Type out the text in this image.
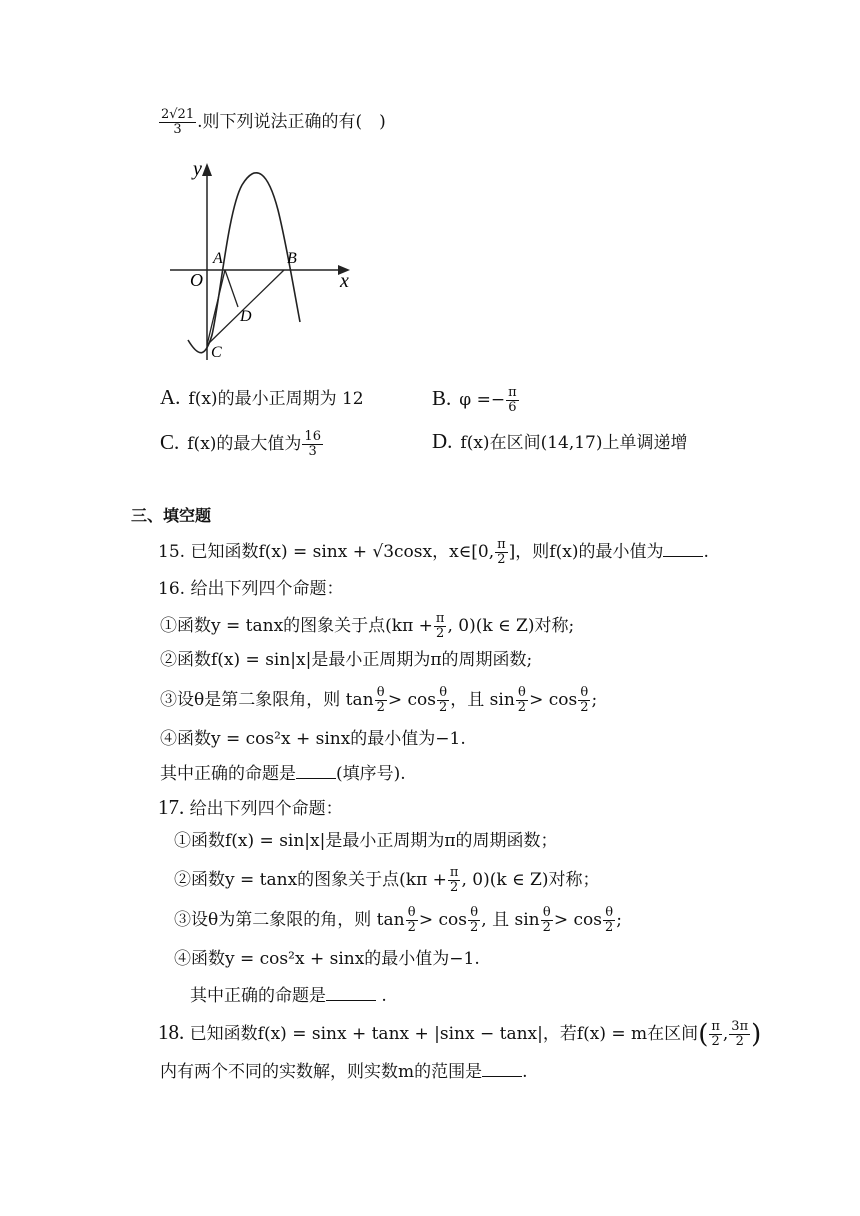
$\frac{2√21}{3}$ .则下列说法正确的有(　)
y
x
O
A	B
C
D
A. f(x)的最小正周期为 12	B. $\varphi =- \frac{\pi}{6}$
C. f(x)的最大值为 $\frac{16}{3}$	D. f(x)在区间(14,17)上单调递增
三、填空题
15. 已知函数f(x) = sinx + √3cosx，x∈[0, $\frac{\pi}{2}$ ]，则f(x)的最小值为 .
16. 给出下列四个命题：
①函数y = tanx的图象关于点($k\pi + \frac{\pi}{2}$ , 0)(k ∈ Z)对称;
②函数f(x) = sin|x|是最小正周期为π的周期函数;
③设θ是第二象限角，则 $\tan \frac{\theta}{2} > \cos \frac{\theta}{2}$ ，且 $\sin \frac{\theta}{2} > \cos \frac{\theta}{2}$ ;
④函数y = cos²x + sinx的最小值为−1.
其中正确的命题是 (填序号).
17. 给出下列四个命题：
①函数f(x) = sin|x|是最小正周期为π的周期函数；
②函数y = tanx的图象关于点($k\pi + \frac{\pi}{2}$ , 0)(k ∈ Z)对称；
③设θ为第二象限的角，则 $\tan \frac{\theta}{2} > \cos \frac{\theta}{2}$ , 且 $\sin \frac{\theta}{2} > \cos \frac{\theta}{2}$ ;
④函数y = cos²x + sinx的最小值为−1.
其中正确的命题是	.
18. 已知函数f(x) = sinx + tanx + |sinx − tanx|，若f(x) = m在区间( $\frac{\pi}{2}$ , $\frac{3\pi}{2}$ )
内有两个不同的实数解，则实数m的范围是 .
